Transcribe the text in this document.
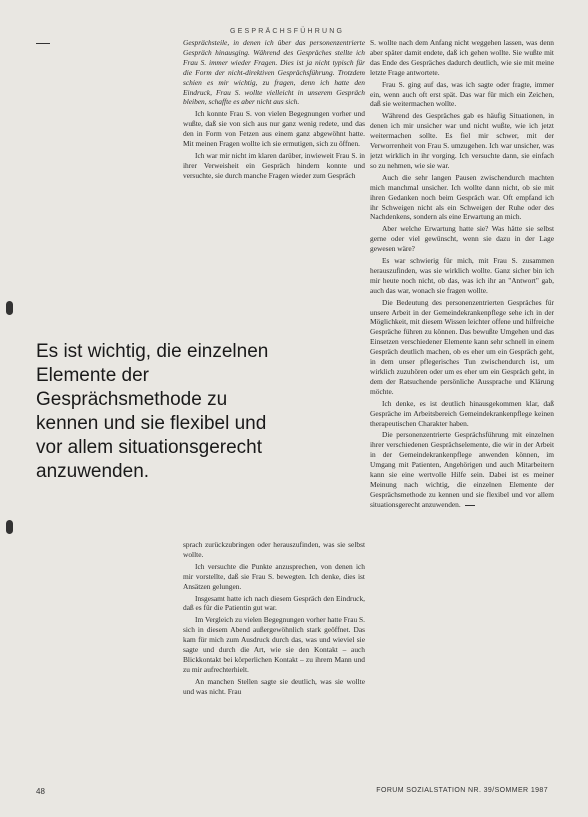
GESPRÄCHSFÜHRUNG

Gesprächsteile, in denen ich über das personenzentrierte Gespräch hinausging. Während des Gespräches stellte ich Frau S. immer wieder Fragen. Dies ist ja nicht typisch für die Form der nicht-direktiven Gesprächsführung. Trotzdem schien es mir wichtig, zu fragen, denn ich hatte den Eindruck, Frau S. wollte vielleicht in unserem Gespräch bleiben, schaffte es aber nicht aus sich.

Ich konnte Frau S. von vielen Begegnungen vorher und wußte, daß sie von sich aus nur ganz wenig redete, und das den in Form von Fetzen aus einem ganz abgewöhnt hatte. Mit meinen Fragen wollte ich sie ermutigen, sich zu öffnen.

Ich war mir nicht im klaren darüber, inwieweit Frau S. in ihrer Verweisheit ein Gespräch hindern konnte und versuchte, sie durch manche Fragen wieder zum Gespräch

Es ist wichtig, die einzelnen Elemente der Gesprächsmethode zu kennen und sie flexibel und vor allem situationsgerecht anzuwenden.

sprach zurückzubringen oder herauszufinden, was sie selbst wollte.

Ich versuchte die Punkte anzusprechen, von denen ich mir vorstellte, daß sie Frau S. bewegten. Ich denke, dies ist Ansätzen gelungen.

Insgesamt hatte ich nach diesem Gespräch den Eindruck, daß es für die Patientin gut war.

Im Vergleich zu vielen Begegnungen vorher hatte Frau S. sich in diesem Abend außergewöhnlich stark geöffnet. Das kam für mich zum Ausdruck durch das, was und wieviel sie sagte und durch die Art, wie sie den Kontakt – auch Blickkontakt bei körperlichen Kontakt – zu ihrem Mann und zu mir aufrechterhielt.

An manchen Stellen sagte sie deutlich, was sie wollte und was nicht. Frau

S. wollte nach dem Anfang nicht weggehen lassen, was denn aber später damit endete, daß ich gehen wollte. Sie wußte mit das Ende des Gespräches dadurch deutlich, wie sie mit meine letzte Frage antwortete.

Frau S. ging auf das, was ich sagte oder fragte, immer ein, wenn auch oft erst spät. Das war für mich ein Zeichen, daß sie weitermachen wollte.

Während des Gespräches gab es häufig Situationen, in denen ich mir unsicher war und nicht wußte, wie ich jetzt weitermachen sollte. Es fiel mir schwer, mit der Verworrenheit von Frau S. umzugehen. Ich war unsicher, was jetzt wirklich in ihr vorging. Ich versuchte dann, sie einfach so zu nehmen, wie sie war.

Auch die sehr langen Pausen zwischendurch machten mich manchmal unsicher. Ich wollte dann nicht, ob sie mit ihren Gedanken noch beim Gespräch war. Oft empfand ich ihr Schweigen nicht als ein Schweigen der Ruhe oder des Nachdenkens, sondern als eine Erwartung an mich.

Aber welche Erwartung hatte sie? Was hätte sie selbst gerne oder viel gewünscht, wenn sie dazu in der Lage gewesen wäre?

Es war schwierig für mich, mit Frau S. zusammen herauszufinden, was sie wirklich wollte. Ganz sicher bin ich mir heute noch nicht, ob das, was ich ihr an "Antwort" gab, auch das war, wonach sie fragen wollte.

Die Bedeutung des personenzentrierten Gespräches für unsere Arbeit in der Gemeindekrankenpflege sehe ich in der Möglichkeit, mit diesem Wissen leichter offene und hilfreiche Gespräche führen zu können. Das bewußte Umgehen und das Einsetzen verschiedener Elemente kann sehr schnell in einem Gespräch deutlich machen, ob es eher um ein Gespräch geht, in dem unser pflegerisches Tun zwischendurch ist, um wirklich zuzuhören oder um es eher um ein Gespräch geht, in dem der Ratsuchende persönliche Aussprache und Klärung möchte.

Ich denke, es ist deutlich hinausgekommen klar, daß Gespräche im Arbeitsbereich Gemeindekrankenpflege keinen therapeutischen Charakter haben.

Die personenzentrierte Gesprächsführung mit einzelnen ihrer verschiedenen Gesprächselemente, die wir in der Arbeit in der Gemeindekrankenpflege anwenden können, im Umgang mit Patienten, Angehörigen und auch Mitarbeitern kann sie eine wertvolle Hilfe sein. Dabei ist es meiner Meinung nach wichtig, die einzelnen Elemente der Gesprächsmethode zu kennen und sie flexibel und vor allem situationsgerecht anzuwenden.

48	FORUM SOZIALSTATION NR. 39/SOMMER 1987
